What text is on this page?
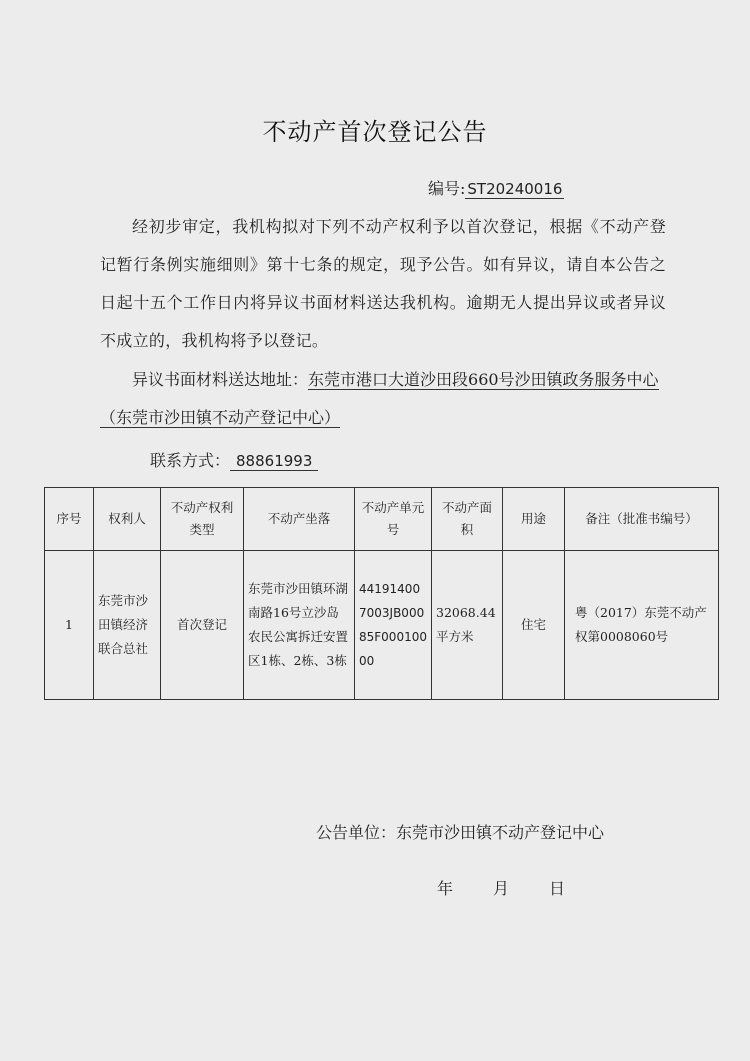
不动产首次登记公告
编号: ST20240016
经初步审定，我机构拟对下列不动产权利予以首次登记，根据《不动产登记暂行条例实施细则》第十七条的规定，现予公告。如有异议，请自本公告之日起十五个工作日内将异议书面材料送达我机构。逾期无人提出异议或者异议不成立的，我机构将予以登记。
异议书面材料送达地址：东莞市港口大道沙田段660号沙田镇政务服务中心（东莞市沙田镇不动产登记中心）
联系方式： 88861993
序号	权利人	不动产权利类型	不动产坐落	不动产单元号	不动产面积	用途	备注（批准书编号）
1	东莞市沙田镇经济联合总社	首次登记	东莞市沙田镇环湖南路16号立沙岛农民公寓拆迁安置区1栋、2栋、3栋	441914007003JB00085F00010000	32068.44平方米	住宅	粤（2017）东莞不动产权第0008060号
公告单位：东莞市沙田镇不动产登记中心
年	月	日
